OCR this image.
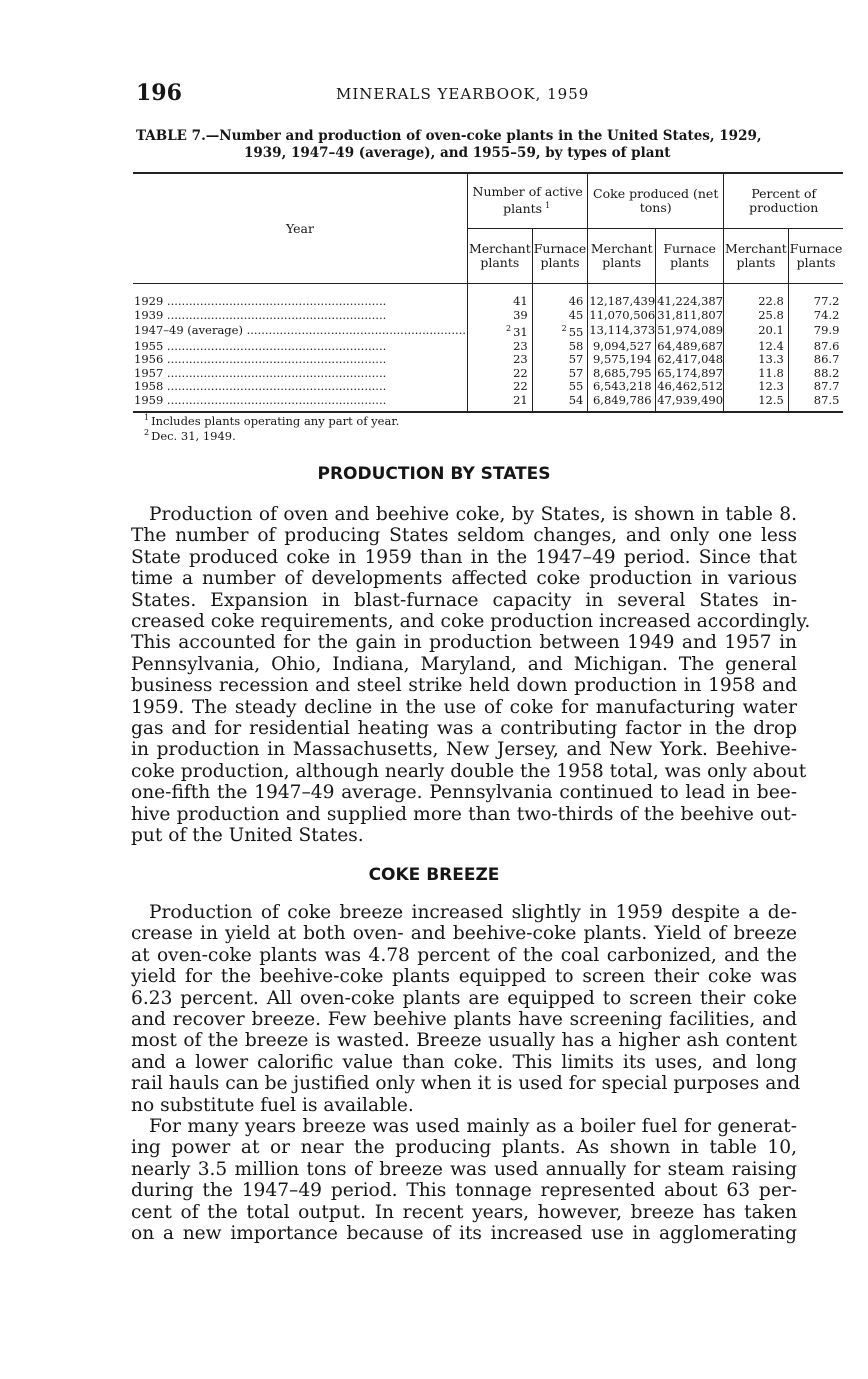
196	MINERALS YEARBOOK, 1959
TABLE 7.—Number and production of oven-coke plants in the United States, 1929,
1939, 1947–49 (average), and 1955–59, by types of plant
Year	Number of active plants $^1$		Coke produced (net tons)		Percent of production	
	Merchant plants	Furnace plants	Merchant plants	Furnace plants	Merchant plants	Furnace plants
1929 ............................................................	41	46	12,187,439	41,224,387	22.8	77.2
1939 ............................................................	39	45	11,070,506	31,811,807	25.8	74.2
1947–49 (average) ............................................................	$^2$ 31	$^2$ 55	13,114,373	51,974,089	20.1	79.9
1955 ............................................................	23	58	9,094,527	64,489,687	12.4	87.6
1956 ............................................................	23	57	9,575,194	62,417,048	13.3	86.7
1957 ............................................................	22	57	8,685,795	65,174,897	11.8	88.2
1958 ............................................................	22	55	6,543,218	46,462,512	12.3	87.7
1959 ............................................................	21	54	6,849,786	47,939,490	12.5	87.5
$^1$ Includes plants operating any part of year.
$^2$ Dec. 31, 1949.
PRODUCTION BY STATES
Production of oven and beehive coke, by States, is shown in table 8.
The number of producing States seldom changes, and only one less
State produced coke in 1959 than in the 1947–49 period. Since that
time a number of developments affected coke production in various
States. Expansion in blast-furnace capacity in several States in-
creased coke requirements, and coke production increased accordingly.
This accounted for the gain in production between 1949 and 1957 in
Pennsylvania, Ohio, Indiana, Maryland, and Michigan. The general
business recession and steel strike held down production in 1958 and
1959. The steady decline in the use of coke for manufacturing water
gas and for residential heating was a contributing factor in the drop
in production in Massachusetts, New Jersey, and New York. Beehive-
coke production, although nearly double the 1958 total, was only about
one-fifth the 1947–49 average. Pennsylvania continued to lead in bee-
hive production and supplied more than two-thirds of the beehive out-
put of the United States.
COKE BREEZE
Production of coke breeze increased slightly in 1959 despite a de-
crease in yield at both oven- and beehive-coke plants. Yield of breeze
at oven-coke plants was 4.78 percent of the coal carbonized, and the
yield for the beehive-coke plants equipped to screen their coke was
6.23 percent. All oven-coke plants are equipped to screen their coke
and recover breeze. Few beehive plants have screening facilities, and
most of the breeze is wasted. Breeze usually has a higher ash content
and a lower calorific value than coke. This limits its uses, and long
rail hauls can be justified only when it is used for special purposes and
no substitute fuel is available.
For many years breeze was used mainly as a boiler fuel for generat-
ing power at or near the producing plants. As shown in table 10,
nearly 3.5 million tons of breeze was used annually for steam raising
during the 1947–49 period. This tonnage represented about 63 per-
cent of the total output. In recent years, however, breeze has taken
on a new importance because of its increased use in agglomerating
